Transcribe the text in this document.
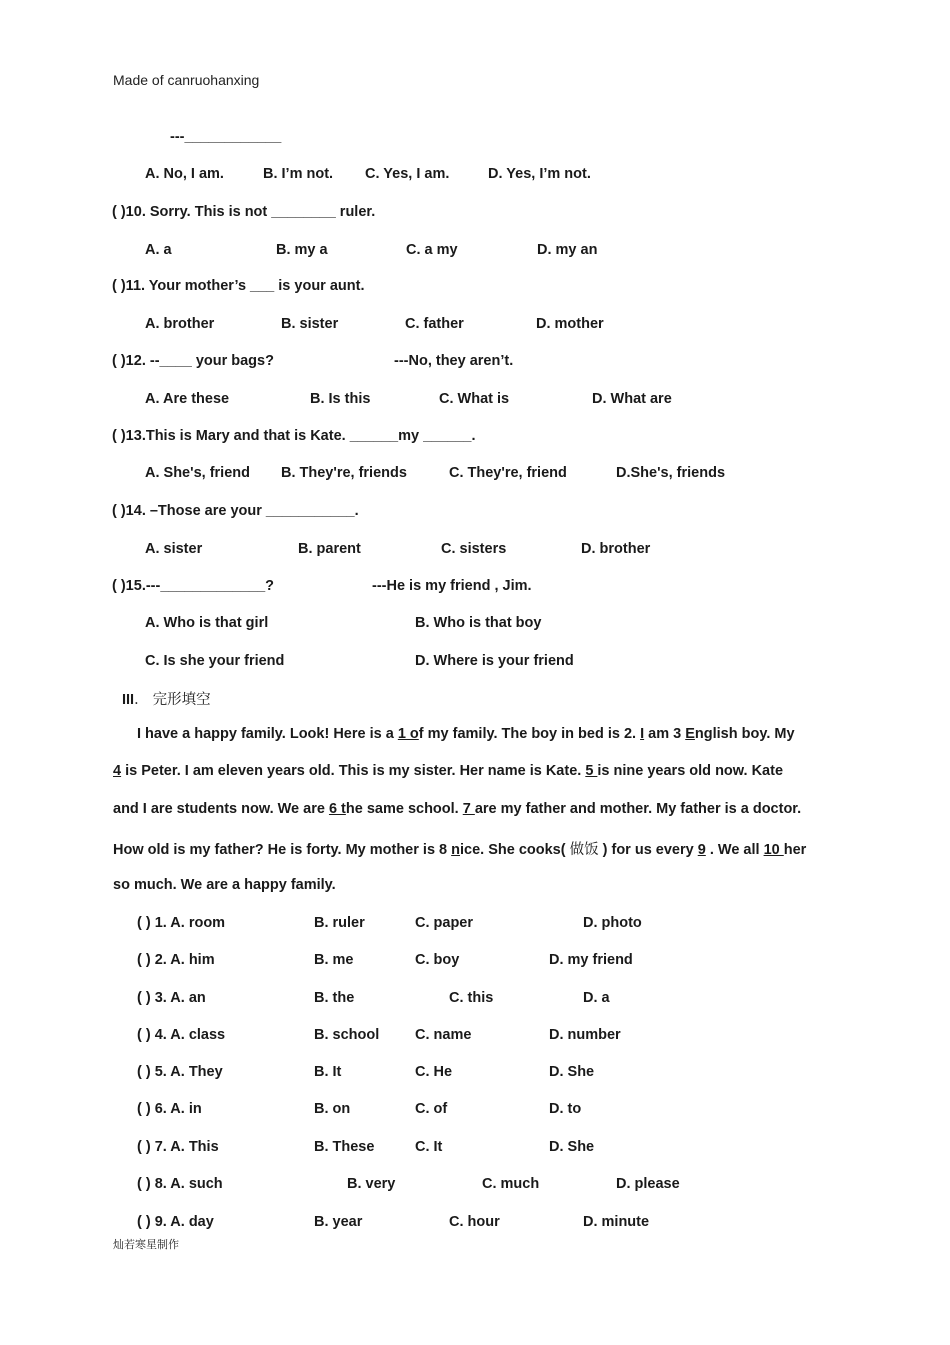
Made of canruohanxing
---____________
A. No, I am.	B. I’m not. C. Yes, I am.	D. Yes, I’m not.
( )10. Sorry. This is not ________ ruler.
A. a	B. my a	C. a my	D. my an
( )11. Your mother’s ___ is your aunt.
A. brother	B. sister	C. father	D. mother
( )12. --____ your bags?	---No, they aren’t.
A. Are these	B. Is this	C. What is	D. What are
( )13.This is Mary and that is Kate. ______my ______.
A. She's, friend B. They're, friends	C. They're, friend	D.She's, friends
( )14. –Those are your ___________.
A. sister	B. parent	C. sisters	D. brother
( )15.---_____________?	---He is my friend , Jim.
A. Who is that girl	B. Who is that boy
C. Is she your friend	D. Where is your friend
III． 完形填空
I have a happy family. Look! Here is a 1 of my family. The boy in bed is 2. I am 3 English boy. My
4 is Peter. I am eleven years old. This is my sister. Her name is Kate. 5 is nine years old now. Kate
and I are students now. We are 6 the same school. 7 are my father and mother. My father is a doctor.
How old is my father? He is forty. My mother is 8 nice. She cooks( 做饭 ) for us every 9 . We all 10 her
so much. We are a happy family.
( ) 1. A. room	B. ruler	C. paper	D. photo
( ) 2. A. him	B. me	C. boy	D. my friend
( ) 3. A. an	B. the	C. this	D. a
( ) 4. A. class	B. school C. name	D. number
( ) 5. A. They	B. It	C. He	D. She
( ) 6. A. in	B. on	C. of	D. to
( ) 7. A. This	B. These	C. It	D. She
( ) 8. A. such	B. very	C. much	D. please
( ) 9. A. day	B. year	C. hour	D. minute
灿若寒星制作
